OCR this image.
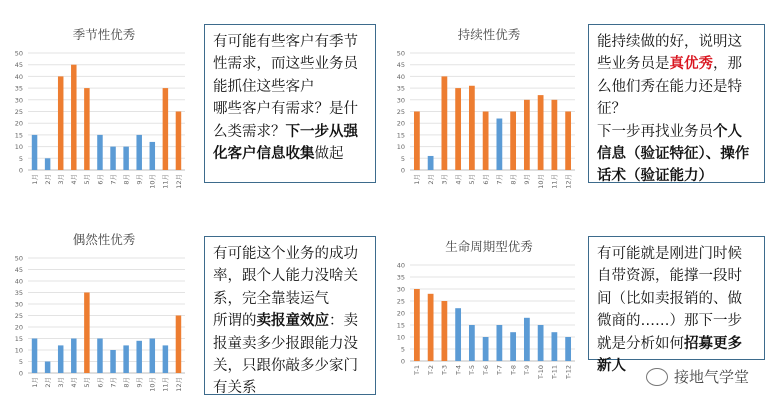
季节性优秀
0
5
10
15
20
25
30
35
40
45
50
1月 2月 3月 4月 5月 6月 7月 8月 9月 10月 11月 12月
持续性优秀
0
5
10
15
20
25
30
35
40
45
50
1月 2月 3月 4月 5月 6月 7月 8月 9月 10月 11月 12月
偶然性优秀
0
5
10
15
20
25
30
35
40
45
50
1月 2月 3月 4月 5月 6月 7月 8月 9月 10月 11月 12月
生命周期型优秀
0
5
10
15
20
25
30
35
40
T-1 T-2 T-3 T-4 T-5 T-6 T-7 T-8 T-9 T-10 T-11 T-12
有可能有些客户有季节性需求，而这些业务员能抓住这些客户
哪些客户有需求？是什么类需求？下一步从强化客户信息收集做起
能持续做的好，说明这些业务员是真优秀，那么他们秀在能力还是特征？
下一步再找业务员个人信息（验证特征）、操作话术（验证能力）
有可能这个业务的成功率，跟个人能力没啥关系，完全靠装运气
所谓的卖报童效应：卖报童卖多少报跟能力没关，只跟你敲多少家门有关系
有可能就是刚进门时候自带资源，能撑一段时间（比如卖报销的、做微商的……）那下一步就是分析如何招募更多新人
接地气学堂
